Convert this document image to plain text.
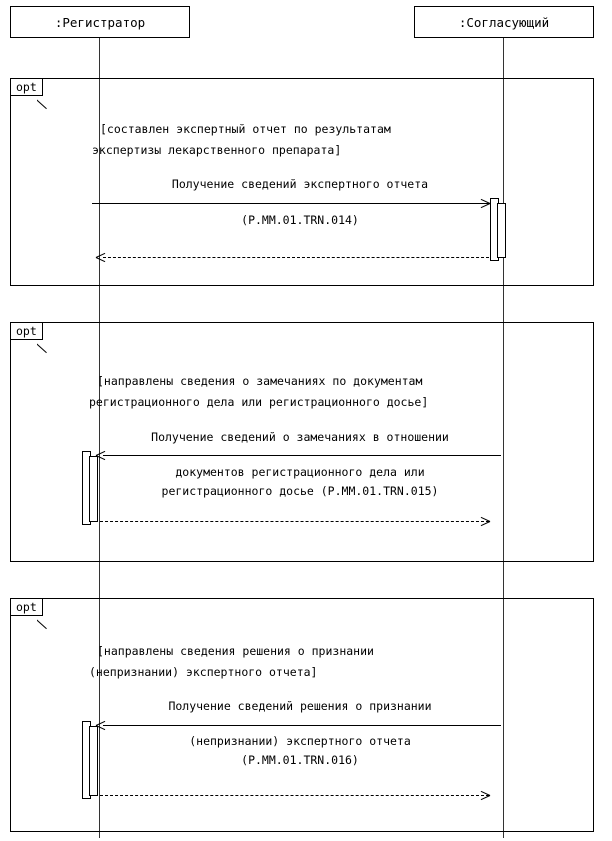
:Регистратор	:Согласующий
opt
[составлен экспертный отчет по результатам
экспертизы лекарственного препарата]
Получение сведений экспертного отчета
(P.MM.01.TRN.014)
opt
[направлены сведения о замечаниях по документам
регистрационного дела или регистрационного досье]
Получение сведений о замечаниях в отношении
документов регистрационного дела или
регистрационного досье (P.MM.01.TRN.015)
opt
[направлены сведения решения о признании
(непризнании) экспертного отчета]
Получение сведений решения о признании
(непризнании) экспертного отчета
(P.MM.01.TRN.016)
